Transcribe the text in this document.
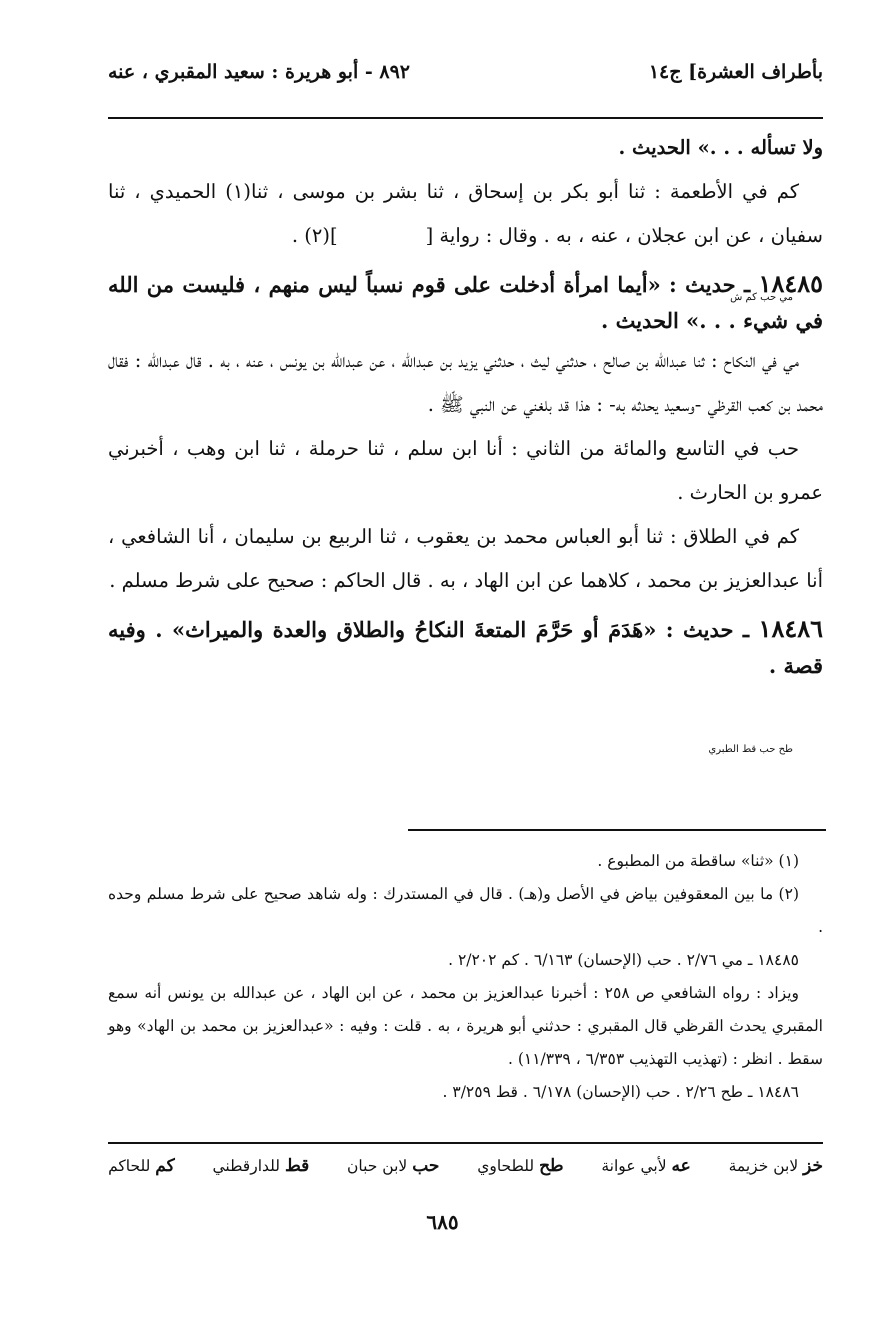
بأطراف العشرة] ج١٤
٨٩٢ - أبو هريرة : سعيد المقبري ، عنه

ولا تسأله . . .» الحديث .

كم في الأطعمة : ثنا أبو بكر بن إسحاق ، ثنا بشر بن موسى ، ثنا(١) الحميدي ، ثنا سفيان ، عن ابن عجلان ، عنه ، به . وقال : رواية [](٢) .

١٨٤٨٥ ـ حديث : «أيما امرأة أدخلت على قوم نسباً ليس منهم ، فليست من الله في شيء . . .» الحديث .

مي حب كم ش

مي في النكاح : ثنا عبدالله بن صالح ، حدثني ليث ، حدثني يزيد بن عبدالله ، عن عبدالله بن يونس ، عنه ، به . قال عبدالله : فقال محمد بن كعب القرظي -وسعيد يحدثه به- : هذا قد بلغني عن النبي ﷺ .

حب في التاسع والمائة من الثاني : أنا ابن سلم ، ثنا حرملة ، ثنا ابن وهب ، أخبرني عمرو بن الحارث .

كم في الطلاق : ثنا أبو العباس محمد بن يعقوب ، ثنا الربيع بن سليمان ، أنا الشافعي ، أنا عبدالعزيز بن محمد ، كلاهما عن ابن الهاد ، به . قال الحاكم : صحيح على شرط مسلم .

١٨٤٨٦ ـ حديث : «هَدَمَ أو حَرَّمَ المتعةَ النكاحُ والطلاق والعدة والميراث» . وفيه قصة .

طح حب قط الطبري

(١) «ثنا» ساقطة من المطبوع .

(٢) ما بين المعقوفين بياض في الأصل و(هـ) . قال في المستدرك : وله شاهد صحيح على شرط مسلم وحده .

١٨٤٨٥ ـ مي ٢/٧٦ . حب (الإحسان) ٦/١٦٣ . كم ٢/٢٠٢ .

ويزاد : رواه الشافعي ص ٢٥٨ : أخبرنا عبدالعزيز بن محمد ، عن ابن الهاد ، عن عبدالله بن يونس أنه سمع المقبري يحدث القرظي قال المقبري : حدثني أبو هريرة ، به . قلت : وفيه : «عبدالعزيز بن محمد بن الهاد» وهو سقط . انظر : (تهذيب التهذيب ٦/٣٥٣ ، ١١/٣٣٩) .

١٨٤٨٦ ـ طح ٢/٢٦ . حب (الإحسان) ٦/١٧٨ . قط ٣/٢٥٩ .

خز لابن خزيمة
عه لأبي عوانة
طح للطحاوي
حب لابن حبان
قط للدارقطني
كم للحاكم
٦٨٥
